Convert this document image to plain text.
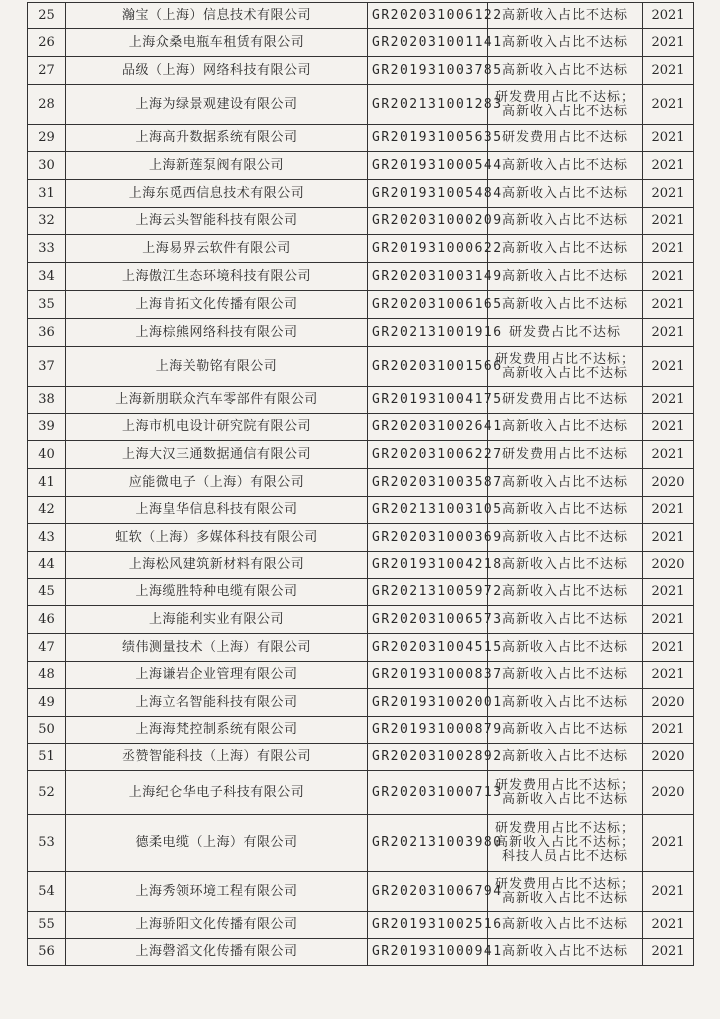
25	瀚宝（上海）信息技术有限公司	GR202031006122	高新收入占比不达标	2021
26	上海众桑电瓶车租赁有限公司	GR202031001141	高新收入占比不达标	2021
27	品级（上海）网络科技有限公司	GR201931003785	高新收入占比不达标	2021
28	上海为绿景观建设有限公司	GR202131001283	研发费用占比不达标；高新收入占比不达标	2021
29	上海高升数据系统有限公司	GR201931005635	研发费用占比不达标	2021
30	上海新莲泵阀有限公司	GR201931000544	高新收入占比不达标	2021
31	上海东觅西信息技术有限公司	GR201931005484	高新收入占比不达标	2021
32	上海云头智能科技有限公司	GR202031000209	高新收入占比不达标	2021
33	上海易界云软件有限公司	GR201931000622	高新收入占比不达标	2021
34	上海傲江生态环境科技有限公司	GR202031003149	高新收入占比不达标	2021
35	上海肯拓文化传播有限公司	GR202031006165	高新收入占比不达标	2021
36	上海棕熊网络科技有限公司	GR202131001916	研发费占比不达标	2021
37	上海关勒铭有限公司	GR202031001566	研发费用占比不达标；高新收入占比不达标	2021
38	上海新朋联众汽车零部件有限公司	GR201931004175	研发费用占比不达标	2021
39	上海市机电设计研究院有限公司	GR202031002641	高新收入占比不达标	2021
40	上海大汉三通数据通信有限公司	GR202031006227	研发费用占比不达标	2021
41	应能微电子（上海）有限公司	GR202031003587	高新收入占比不达标	2020
42	上海皇华信息科技有限公司	GR202131003105	高新收入占比不达标	2021
43	虹软（上海）多媒体科技有限公司	GR202031000369	高新收入占比不达标	2021
44	上海松风建筑新材料有限公司	GR201931004218	高新收入占比不达标	2020
45	上海缆胜特种电缆有限公司	GR202131005972	高新收入占比不达标	2021
46	上海能利实业有限公司	GR202031006573	高新收入占比不达标	2021
47	绩伟测量技术（上海）有限公司	GR202031004515	高新收入占比不达标	2021
48	上海谦岩企业管理有限公司	GR201931000837	高新收入占比不达标	2021
49	上海立名智能科技有限公司	GR201931002001	高新收入占比不达标	2020
50	上海海梵控制系统有限公司	GR201931000879	高新收入占比不达标	2021
51	丞赞智能科技（上海）有限公司	GR202031002892	高新收入占比不达标	2020
52	上海纪仑华电子科技有限公司	GR202031000713	研发费用占比不达标；高新收入占比不达标	2020
53	德柔电缆（上海）有限公司	GR202131003980	研发费用占比不达标；高新收入占比不达标；科技人员占比不达标	2021
54	上海秀领环境工程有限公司	GR202031006794	研发费用占比不达标；高新收入占比不达标	2021
55	上海骄阳文化传播有限公司	GR201931002516	高新收入占比不达标	2021
56	上海磬滔文化传播有限公司	GR201931000941	高新收入占比不达标	2021
